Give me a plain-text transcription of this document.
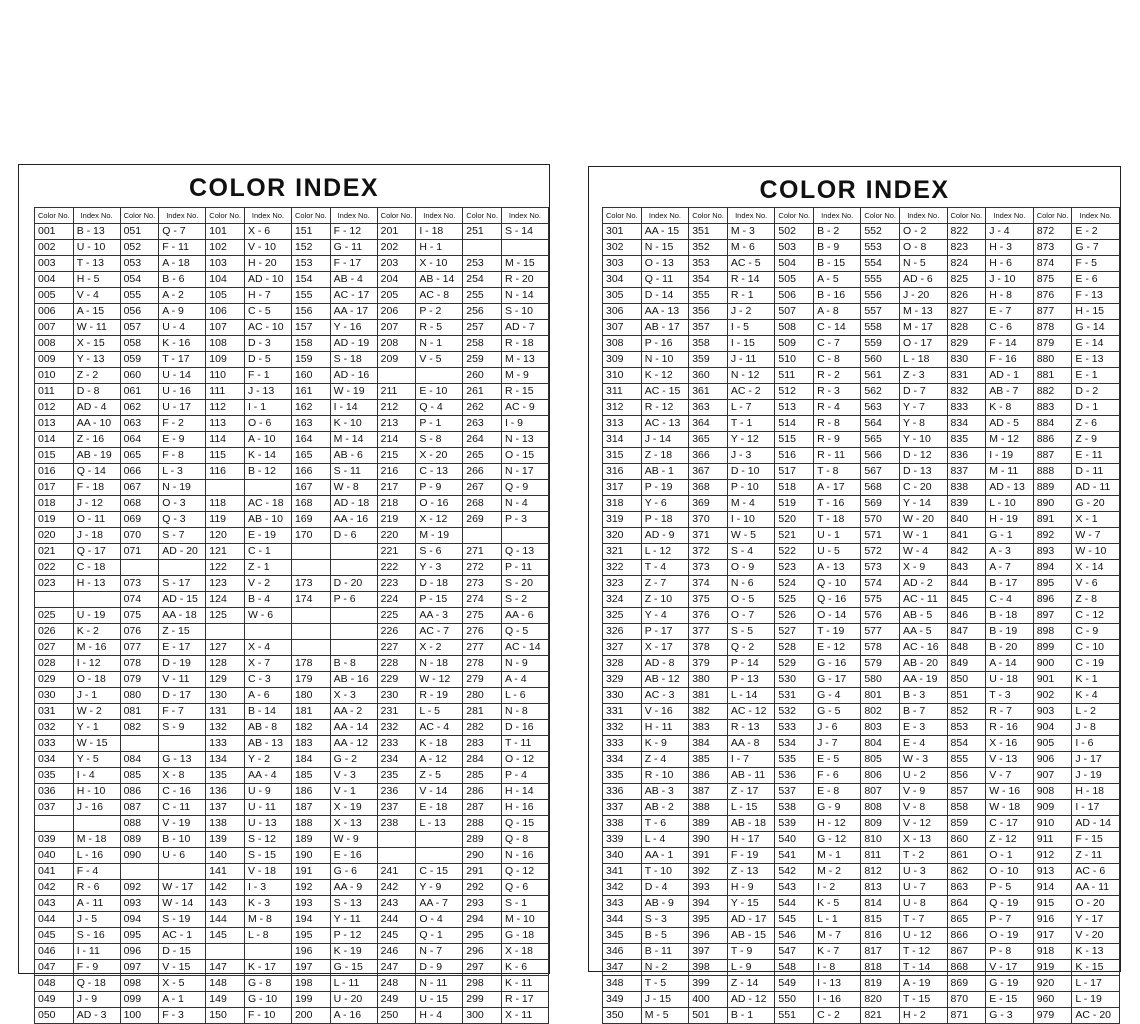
COLOR INDEX
Color No.	Index No.	Color No.	Index No.	Color No.	Index No.	Color No.	Index No.	Color No.	Index No.	Color No.	Index No.
001	B - 13	051	Q - 7	101	X - 6	151	F - 12	201	I - 18	251	S - 14
002	U - 10	052	F - 11	102	V - 10	152	G - 11	202	H - 1		
003	T - 13	053	A - 18	103	H - 20	153	F - 17	203	X - 10	253	M - 15
004	H - 5	054	B - 6	104	AD - 10	154	AB - 4	204	AB - 14	254	R - 20
005	V - 4	055	A - 2	105	H - 7	155	AC - 17	205	AC - 8	255	N - 14
006	A - 15	056	A - 9	106	C - 5	156	AA - 17	206	P - 2	256	S - 10
007	W - 11	057	U - 4	107	AC - 10	157	Y - 16	207	R - 5	257	AD - 7
008	X - 15	058	K - 16	108	D - 3	158	AD - 19	208	N - 1	258	R - 18
009	Y - 13	059	T - 17	109	D - 5	159	S - 18	209	V - 5	259	M - 13
010	Z - 2	060	U - 14	110	F - 1	160	AD - 16			260	M - 9
011	D - 8	061	U - 16	111	J - 13	161	W - 19	211	E - 10	261	R - 15
012	AD - 4	062	U - 17	112	I - 1	162	I - 14	212	Q - 4	262	AC - 9
013	AA - 10	063	F - 2	113	O - 6	163	K - 10	213	P - 1	263	I - 9
014	Z - 16	064	E - 9	114	A - 10	164	M - 14	214	S - 8	264	N - 13
015	AB - 19	065	F - 8	115	K - 14	165	AB - 6	215	X - 20	265	O - 15
016	Q - 14	066	L - 3	116	B - 12	166	S - 11	216	C - 13	266	N - 17
017	F - 18	067	N - 19			167	W - 8	217	P - 9	267	Q - 9
018	J - 12	068	O - 3	118	AC - 18	168	AD - 18	218	O - 16	268	N - 4
019	O - 11	069	Q - 3	119	AB - 10	169	AA - 16	219	X - 12	269	P - 3
020	J - 18	070	S - 7	120	E - 19	170	D - 6	220	M - 19		
021	Q - 17	071	AD - 20	121	C - 1			221	S - 6	271	Q - 13
022	C - 18			122	Z - 1			222	Y - 3	272	P - 11
023	H - 13	073	S - 17	123	V - 2	173	D - 20	223	D - 18	273	S - 20
		074	AD - 15	124	B - 4	174	P - 6	224	P - 15	274	S - 2
025	U - 19	075	AA - 18	125	W - 6			225	AA - 3	275	AA - 6
026	K - 2	076	Z - 15					226	AC - 7	276	Q - 5
027	M - 16	077	E - 17	127	X - 4			227	X - 2	277	AC - 14
028	I - 12	078	D - 19	128	X - 7	178	B - 8	228	N - 18	278	N - 9
029	O - 18	079	V - 11	129	C - 3	179	AB - 16	229	W - 12	279	A - 4
030	J - 1	080	D - 17	130	A - 6	180	X - 3	230	R - 19	280	L - 6
031	W - 2	081	F - 7	131	B - 14	181	AA - 2	231	L - 5	281	N - 8
032	Y - 1	082	S - 9	132	AB - 8	182	AA - 14	232	AC - 4	282	D - 16
033	W - 15			133	AB - 13	183	AA - 12	233	K - 18	283	T - 11
034	Y - 5	084	G - 13	134	Y - 2	184	G - 2	234	A - 12	284	O - 12
035	I - 4	085	X - 8	135	AA - 4	185	V - 3	235	Z - 5	285	P - 4
036	H - 10	086	C - 16	136	U - 9	186	V - 1	236	V - 14	286	H - 14
037	J - 16	087	C - 11	137	U - 11	187	X - 19	237	E - 18	287	H - 16
		088	V - 19	138	U - 13	188	X - 13	238	L - 13	288	Q - 15
039	M - 18	089	B - 10	139	S - 12	189	W - 9			289	Q - 8
040	L - 16	090	U - 6	140	S - 15	190	E - 16			290	N - 16
041	F - 4			141	V - 18	191	G - 6	241	C - 15	291	Q - 12
042	R - 6	092	W - 17	142	I - 3	192	AA - 9	242	Y - 9	292	Q - 6
043	A - 11	093	W - 14	143	K - 3	193	S - 13	243	AA - 7	293	S - 1
044	J - 5	094	S - 19	144	M - 8	194	Y - 11	244	O - 4	294	M - 10
045	S - 16	095	AC - 1	145	L - 8	195	P - 12	245	Q - 1	295	G - 18
046	I - 11	096	D - 15			196	K - 19	246	N - 7	296	X - 18
047	F - 9	097	V - 15	147	K - 17	197	G - 15	247	D - 9	297	K - 6
048	Q - 18	098	X - 5	148	G - 8	198	L - 11	248	N - 11	298	K - 11
049	J - 9	099	A - 1	149	G - 10	199	U - 20	249	U - 15	299	R - 17
050	AD - 3	100	F - 3	150	F - 10	200	A - 16	250	H - 4	300	X - 11
COLOR INDEX
Color No.	Index No.	Color No.	Index No.	Color No.	Index No.	Color No.	Index No.	Color No.	Index No.	Color No.	Index No.
301	AA - 15	351	M - 3	502	B - 2	552	O - 2	822	J - 4	872	E - 2
302	N - 15	352	M - 6	503	B - 9	553	O - 8	823	H - 3	873	G - 7
303	O - 13	353	AC - 5	504	B - 15	554	N - 5	824	H - 6	874	F - 5
304	Q - 11	354	R - 14	505	A - 5	555	AD - 6	825	J - 10	875	E - 6
305	D - 14	355	R - 1	506	B - 16	556	J - 20	826	H - 8	876	F - 13
306	AA - 13	356	J - 2	507	A - 8	557	M - 13	827	E - 7	877	H - 15
307	AB - 17	357	I - 5	508	C - 14	558	M - 17	828	C - 6	878	G - 14
308	P - 16	358	I - 15	509	C - 7	559	O - 17	829	F - 14	879	E - 14
309	N - 10	359	J - 11	510	C - 8	560	L - 18	830	F - 16	880	E - 13
310	K - 12	360	N - 12	511	R - 2	561	Z - 3	831	AD - 1	881	E - 1
311	AC - 15	361	AC - 2	512	R - 3	562	D - 7	832	AB - 7	882	D - 2
312	R - 12	363	L - 7	513	R - 4	563	Y - 7	833	K - 8	883	D - 1
313	AC - 13	364	T - 1	514	R - 8	564	Y - 8	834	AD - 5	884	Z - 6
314	J - 14	365	Y - 12	515	R - 9	565	Y - 10	835	M - 12	886	Z - 9
315	Z - 18	366	J - 3	516	R - 11	566	D - 12	836	I - 19	887	E - 11
316	AB - 1	367	D - 10	517	T - 8	567	D - 13	837	M - 11	888	D - 11
317	P - 19	368	P - 10	518	A - 17	568	C - 20	838	AD - 13	889	AD - 11
318	Y - 6	369	M - 4	519	T - 16	569	Y - 14	839	L - 10	890	G - 20
319	P - 18	370	I - 10	520	T - 18	570	W - 20	840	H - 19	891	X - 1
320	AD - 9	371	W - 5	521	U - 1	571	W - 1	841	G - 1	892	W - 7
321	L - 12	372	S - 4	522	U - 5	572	W - 4	842	A - 3	893	W - 10
322	T - 4	373	O - 9	523	A - 13	573	X - 9	843	A - 7	894	X - 14
323	Z - 7	374	N - 6	524	Q - 10	574	AD - 2	844	B - 17	895	V - 6
324	Z - 10	375	O - 5	525	Q - 16	575	AC - 11	845	C - 4	896	Z - 8
325	Y - 4	376	O - 7	526	O - 14	576	AB - 5	846	B - 18	897	C - 12
326	P - 17	377	S - 5	527	T - 19	577	AA - 5	847	B - 19	898	C - 9
327	X - 17	378	Q - 2	528	E - 12	578	AC - 16	848	B - 20	899	C - 10
328	AD - 8	379	P - 14	529	G - 16	579	AB - 20	849	A - 14	900	C - 19
329	AB - 12	380	P - 13	530	G - 17	580	AA - 19	850	U - 18	901	K - 1
330	AC - 3	381	L - 14	531	G - 4	801	B - 3	851	T - 3	902	K - 4
331	V - 16	382	AC - 12	532	G - 5	802	B - 7	852	R - 7	903	L - 2
332	H - 11	383	R - 13	533	J - 6	803	E - 3	853	R - 16	904	J - 8
333	K - 9	384	AA - 8	534	J - 7	804	E - 4	854	X - 16	905	I - 6
334	Z - 4	385	I - 7	535	E - 5	805	W - 3	855	V - 13	906	J - 17
335	R - 10	386	AB - 11	536	F - 6	806	U - 2	856	V - 7	907	J - 19
336	AB - 3	387	Z - 17	537	E - 8	807	V - 9	857	W - 16	908	H - 18
337	AB - 2	388	L - 15	538	G - 9	808	V - 8	858	W - 18	909	I - 17
338	T - 6	389	AB - 18	539	H - 12	809	V - 12	859	C - 17	910	AD - 14
339	L - 4	390	H - 17	540	G - 12	810	X - 13	860	Z - 12	911	F - 15
340	AA - 1	391	F - 19	541	M - 1	811	T - 2	861	O - 1	912	Z - 11
341	T - 10	392	Z - 13	542	M - 2	812	U - 3	862	O - 10	913	AC - 6
342	D - 4	393	H - 9	543	I - 2	813	U - 7	863	P - 5	914	AA - 11
343	AB - 9	394	Y - 15	544	K - 5	814	U - 8	864	Q - 19	915	O - 20
344	S - 3	395	AD - 17	545	L - 1	815	T - 7	865	P - 7	916	Y - 17
345	B - 5	396	AB - 15	546	M - 7	816	U - 12	866	O - 19	917	V - 20
346	B - 11	397	T - 9	547	K - 7	817	T - 12	867	P - 8	918	K - 13
347	N - 2	398	L - 9	548	I - 8	818	T - 14	868	V - 17	919	K - 15
348	T - 5	399	Z - 14	549	I - 13	819	A - 19	869	G - 19	920	L - 17
349	J - 15	400	AD - 12	550	I - 16	820	T - 15	870	E - 15	960	L - 19
350	M - 5	501	B - 1	551	C - 2	821	H - 2	871	G - 3	979	AC - 20
